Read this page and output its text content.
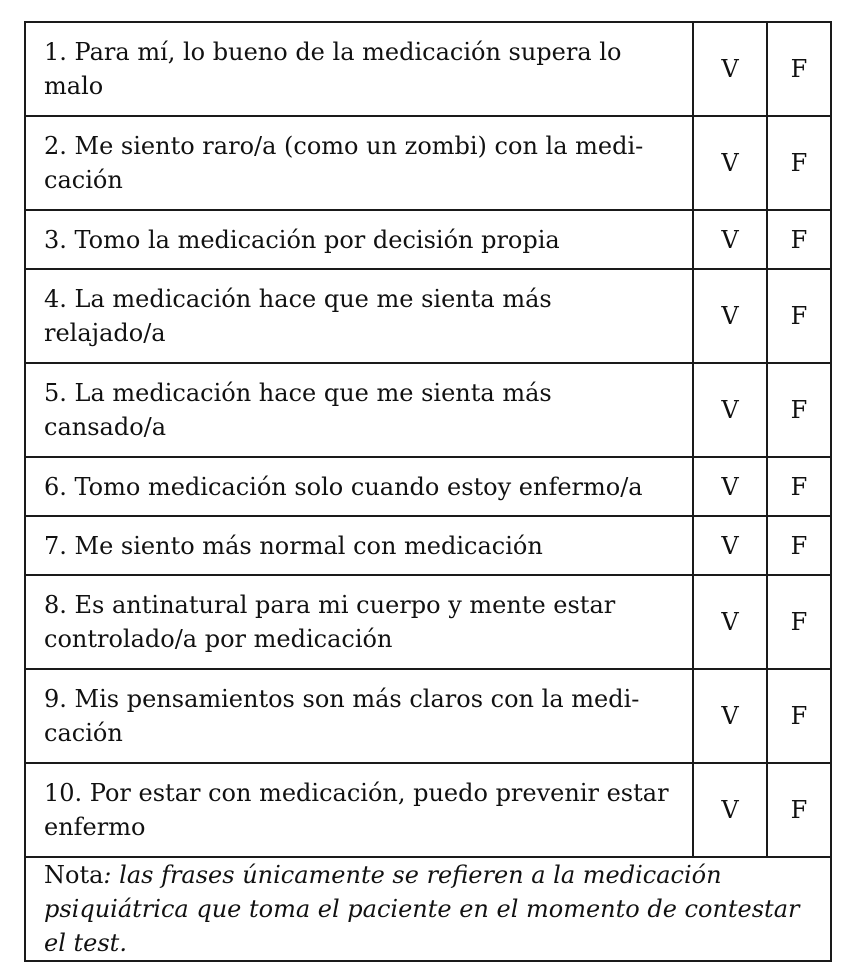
1. Para mí, lo bueno de la medicación supera lo malo	V	F
2. Me siento raro/a (como un zombi) con la medi-cación	V	F
3. Tomo la medicación por decisión propia	V	F
4. La medicación hace que me sienta más relajado/a	V	F
5. La medicación hace que me sienta más cansado/a	V	F
6. Tomo medicación solo cuando estoy enfermo/a	V	F
7. Me siento más normal con medicación	V	F
8. Es antinatural para mi cuerpo y mente estar controlado/a por medicación	V	F
9. Mis pensamientos son más claros con la medi-cación	V	F
10. Por estar con medicación, puedo prevenir estar enfermo	V	F
Nota: las frases únicamente se refieren a la medicación psiquiátrica que toma el paciente en el momento de contestar el test.		
